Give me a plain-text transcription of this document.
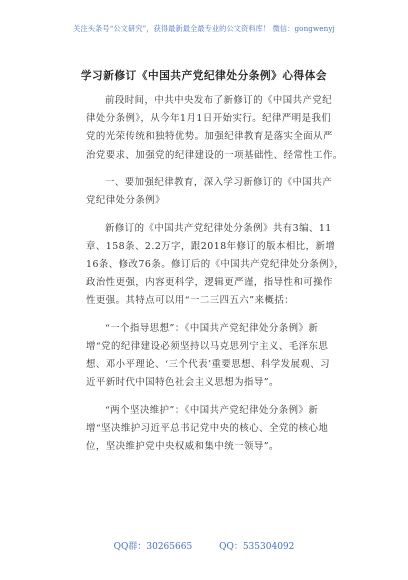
关注头条号“公文研究”，获得最新最全最专业的公文资料库！ 微信：gongwenyj
学习新修订《中国共产党纪律处分条例》心得体会
前段时间，中共中央发布了新修订的《中国共产党纪
律处分条例》，从今年1月1日开始实行。纪律严明是我们
党的光荣传统和独特优势。加强纪律教育是落实全面从严
治党要求、加强党的纪律建设的一项基础性、经常性工作。
一、要加强纪律教育，深入学习新修订的《中国共产
党纪律处分条例》
新修订的《中国共产党纪律处分条例》共有3编、11
章、158条、2.2万字，跟2018年修订的版本相比，新增
16条、修改76条。修订后的《中国共产党纪律处分条例》，
政治性更强，内容更科学，逻辑更严谨，指导性和可操作
性更强。其特点可以用“一二三四五六”来概括：
“一个指导思想”：《中国共产党纪律处分条例》新
增“党的纪律建设必须坚持以马克思列宁主义、毛泽东思
想、邓小平理论、‘三个代表’重要思想、科学发展观、习
近平新时代中国特色社会主义思想为指导”。
“两个坚决维护”：《中国共产党纪律处分条例》新
增“坚决维护习近平总书记党中央的核心、全党的核心地
位，坚决维护党中央权威和集中统一领导”。
QQ群：30265665	QQ：535304092
